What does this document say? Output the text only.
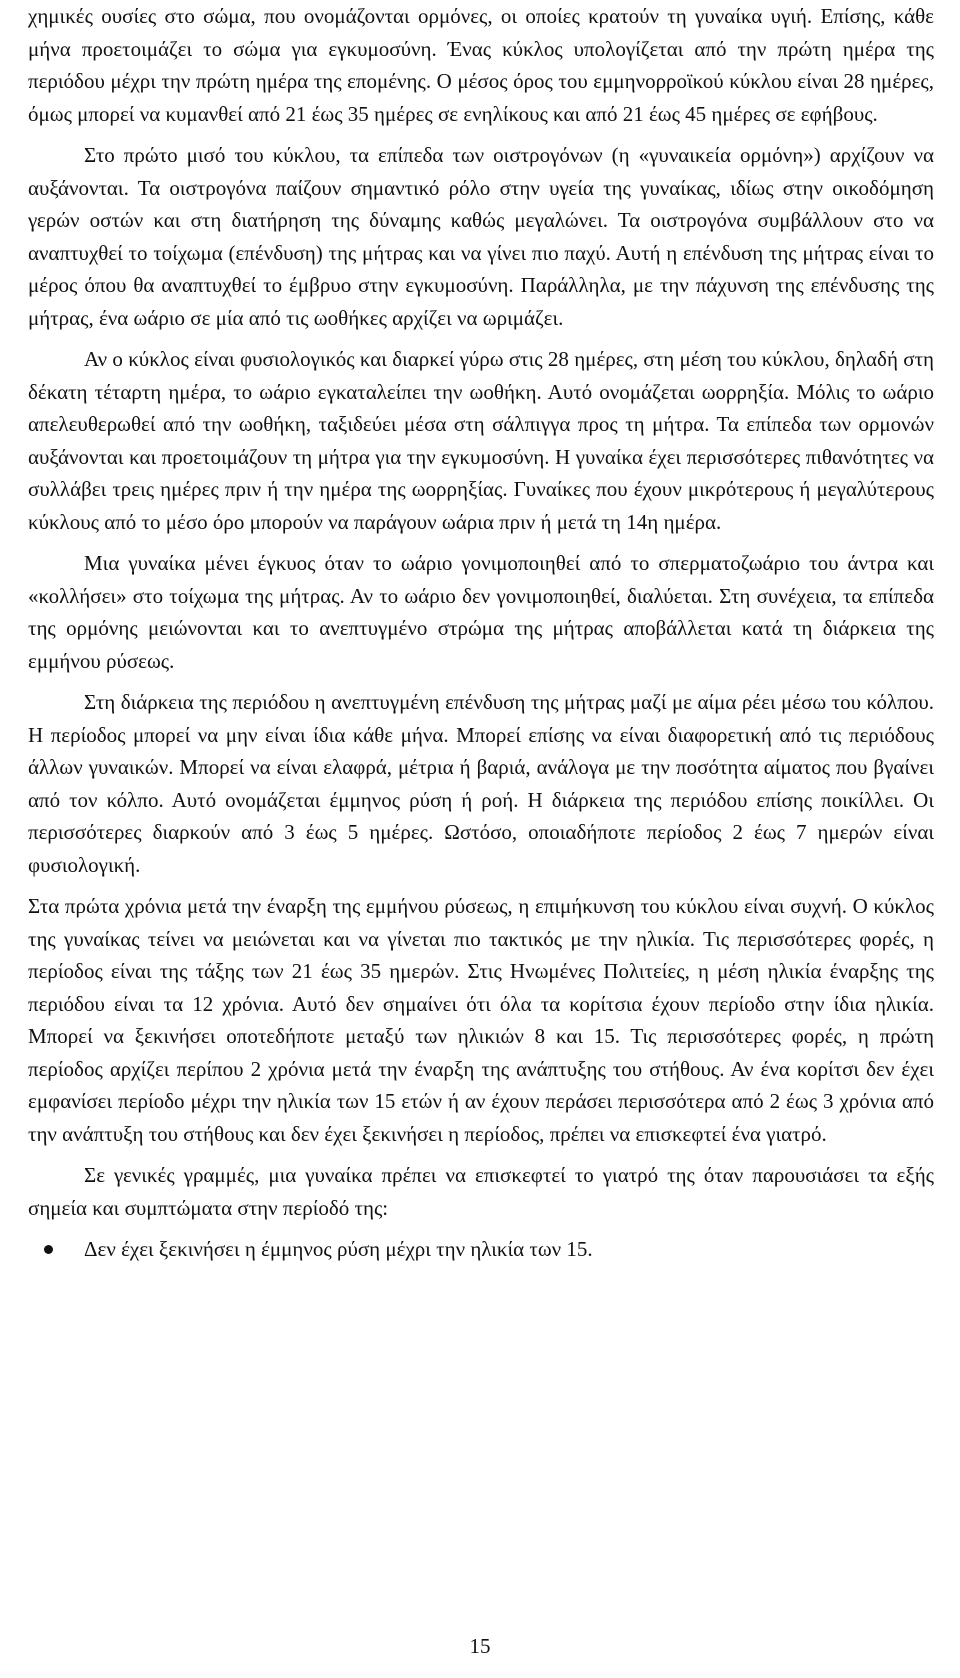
χημικές ουσίες στο σώμα, που ονομάζονται ορμόνες, οι οποίες κρατούν τη γυναίκα υγιή. Επίσης, κάθε μήνα προετοιμάζει το σώμα για εγκυμοσύνη. Ένας κύκλος υπολογίζεται από την πρώτη ημέρα της περιόδου μέχρι την πρώτη ημέρα της επομένης. Ο μέσος όρος του εμμηνορροϊκού κύκλου είναι 28 ημέρες, όμως μπορεί να κυμανθεί από 21 έως 35 ημέρες σε ενηλίκους και από 21 έως 45 ημέρες σε εφήβους.

Στο πρώτο μισό του κύκλου, τα επίπεδα των οιστρογόνων (η «γυναικεία ορμόνη») αρχίζουν να αυξάνονται. Τα οιστρογόνα παίζουν σημαντικό ρόλο στην υγεία της γυναίκας, ιδίως στην οικοδόμηση γερών οστών και στη διατήρηση της δύναμης καθώς μεγαλώνει. Τα οιστρογόνα συμβάλλουν στο να αναπτυχθεί το τοίχωμα (επένδυση) της μήτρας και να γίνει πιο παχύ. Αυτή η επένδυση της μήτρας είναι το μέρος όπου θα αναπτυχθεί το έμβρυο στην εγκυμοσύνη. Παράλληλα, με την πάχυνση της επένδυσης της μήτρας, ένα ωάριο σε μία από τις ωοθήκες αρχίζει να ωριμάζει.

Αν ο κύκλος είναι φυσιολογικός και διαρκεί γύρω στις 28 ημέρες, στη μέση του κύκλου, δηλαδή στη δέκατη τέταρτη ημέρα, το ωάριο εγκαταλείπει την ωοθήκη. Αυτό ονομάζεται ωορρηξία. Μόλις το ωάριο απελευθερωθεί από την ωοθήκη, ταξιδεύει μέσα στη σάλπιγγα προς τη μήτρα. Τα επίπεδα των ορμονών αυξάνονται και προετοιμάζουν τη μήτρα για την εγκυμοσύνη. Η γυναίκα έχει περισσότερες πιθανότητες να συλλάβει τρεις ημέρες πριν ή την ημέρα της ωορρηξίας. Γυναίκες που έχουν μικρότερους ή μεγαλύτερους κύκλους από το μέσο όρο μπορούν να παράγουν ωάρια πριν ή μετά τη 14η ημέρα.

Μια γυναίκα μένει έγκυος όταν το ωάριο γονιμοποιηθεί από το σπερματοζωάριο του άντρα και «κολλήσει» στο τοίχωμα της μήτρας. Αν το ωάριο δεν γονιμοποιηθεί, διαλύεται. Στη συνέχεια, τα επίπεδα της ορμόνης μειώνονται και το ανεπτυγμένο στρώμα της μήτρας αποβάλλεται κατά τη διάρκεια της εμμήνου ρύσεως.

Στη διάρκεια της περιόδου η ανεπτυγμένη επένδυση της μήτρας μαζί με αίμα ρέει μέσω του κόλπου. Η περίοδος μπορεί να μην είναι ίδια κάθε μήνα. Μπορεί επίσης να είναι διαφορετική από τις περιόδους άλλων γυναικών. Μπορεί να είναι ελαφρά, μέτρια ή βαριά, ανάλογα με την ποσότητα αίματος που βγαίνει από τον κόλπο. Αυτό ονομάζεται έμμηνος ρύση ή ροή. Η διάρκεια της περιόδου επίσης ποικίλλει. Οι περισσότερες διαρκούν από 3 έως 5 ημέρες. Ωστόσο, οποιαδήποτε περίοδος 2 έως 7 ημερών είναι φυσιολογική.

Στα πρώτα χρόνια μετά την έναρξη της εμμήνου ρύσεως, η επιμήκυνση του κύκλου είναι συχνή. Ο κύκλος της γυναίκας τείνει να μειώνεται και να γίνεται πιο τακτικός με την ηλικία. Τις περισσότερες φορές, η περίοδος είναι της τάξης των 21 έως 35 ημερών. Στις Ηνωμένες Πολιτείες, η μέση ηλικία έναρξης της περιόδου είναι τα 12 χρόνια. Αυτό δεν σημαίνει ότι όλα τα κορίτσια έχουν περίοδο στην ίδια ηλικία. Μπορεί να ξεκινήσει οποτεδήποτε μεταξύ των ηλικιών 8 και 15. Τις περισσότερες φορές, η πρώτη περίοδος αρχίζει περίπου 2 χρόνια μετά την έναρξη της ανάπτυξης του στήθους. Αν ένα κορίτσι δεν έχει εμφανίσει περίοδο μέχρι την ηλικία των 15 ετών ή αν έχουν περάσει περισσότερα από 2 έως 3 χρόνια από την ανάπτυξη του στήθους και δεν έχει ξεκινήσει η περίοδος, πρέπει να επισκεφτεί ένα γιατρό.

Σε γενικές γραμμές, μια γυναίκα πρέπει να επισκεφτεί το γιατρό της όταν παρουσιάσει τα εξής σημεία και συμπτώματα στην περίοδό της:

Δεν έχει ξεκινήσει η έμμηνος ρύση μέχρι την ηλικία των 15.
15
